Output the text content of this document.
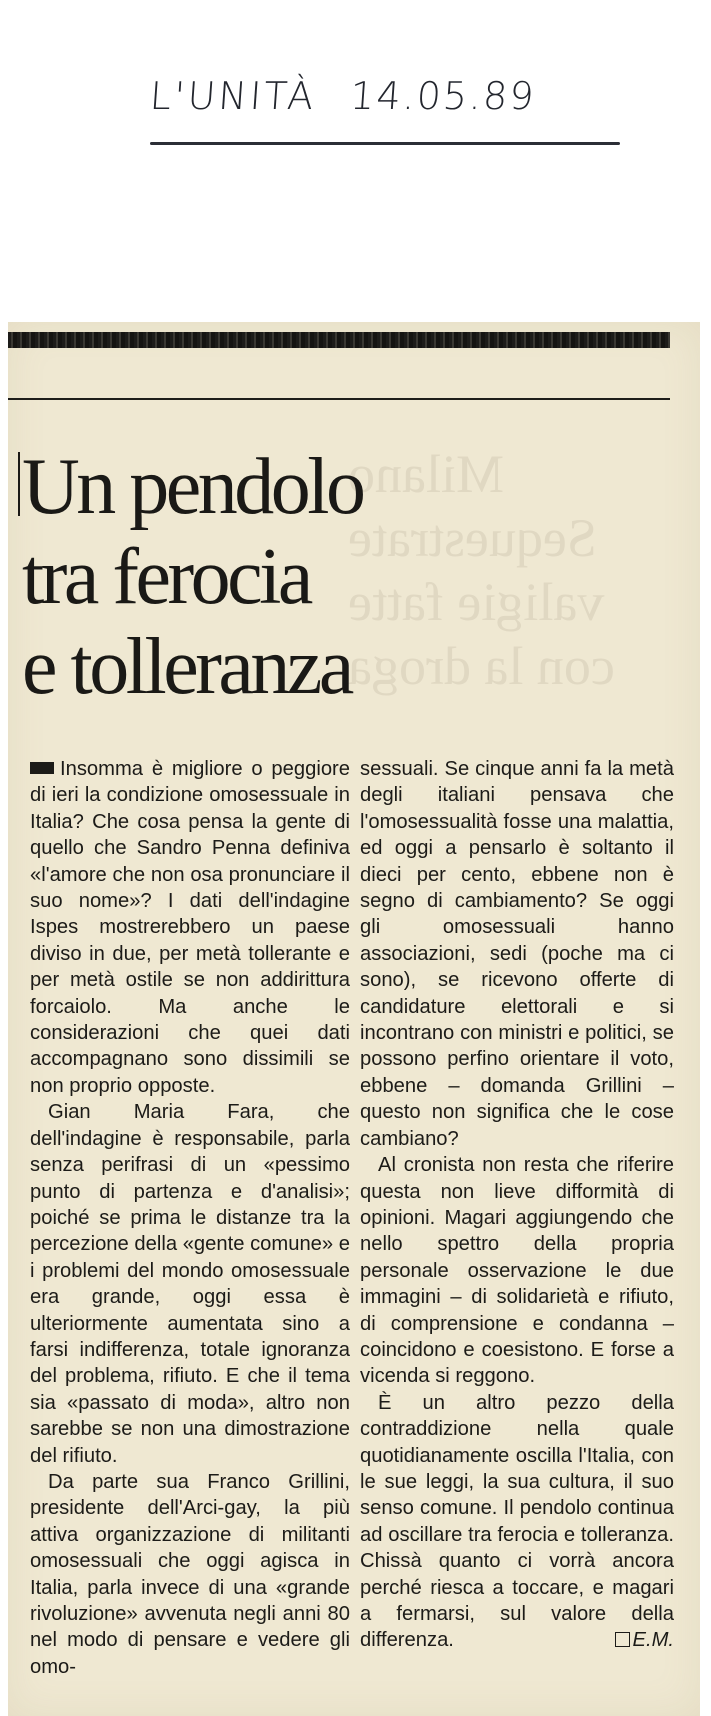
L'UNITÀ 14.05.89
Milano
Sequestrate
valigie fatte
con la droga
Un pendolo
tra ferocia
e tolleranza

Insomma è migliore o peggiore di ieri la condizione omosessuale in Italia? Che cosa pensa la gente di quello che Sandro Penna definiva «l'amore che non osa pronunciare il suo nome»? I dati dell'indagine Ispes mostrerebbero un paese diviso in due, per metà tollerante e per metà ostile se non addirittura forcaiolo. Ma anche le considerazioni che quei dati accompagnano sono dissimili se non proprio opposte.

Gian Maria Fara, che dell'indagine è responsabile, parla senza perifrasi di un «pessimo punto di partenza e d'analisi»; poiché se prima le distanze tra la percezione della «gente comune» e i problemi del mondo omosessuale era grande, oggi essa è ulteriormente aumentata sino a farsi indifferenza, totale ignoranza del problema, rifiuto. E che il tema sia «passato di moda», altro non sarebbe se non una dimostrazione del rifiuto.

Da parte sua Franco Grillini, presidente dell'Arci-gay, la più attiva organizzazione di militanti omosessuali che oggi agisca in Italia, parla invece di una «grande rivoluzione» avvenuta negli anni 80 nel modo di pensare e vedere gli omo-

sessuali. Se cinque anni fa la metà degli italiani pensava che l'omosessualità fosse una malattia, ed oggi a pensarlo è soltanto il dieci per cento, ebbene non è segno di cambiamento? Se oggi gli omosessuali hanno associazioni, sedi (poche ma ci sono), se ricevono offerte di candidature elettorali e si incontrano con ministri e politici, se possono perfino orientare il voto, ebbene – domanda Grillini – questo non significa che le cose cambiano?

Al cronista non resta che riferire questa non lieve difformità di opinioni. Magari aggiungendo che nello spettro della propria personale osservazione le due immagini – di solidarietà e rifiuto, di comprensione e condanna – coincidono e coesistono. E forse a vicenda si reggono.

È un altro pezzo della contraddizione nella quale quotidianamente oscilla l'Italia, con le sue leggi, la sua cultura, il suo senso comune. Il pendolo continua ad oscillare tra ferocia e tolleranza. Chissà quanto ci vorrà ancora perché riesca a toccare, e magari a fermarsi, sul valore della differenza.	E.M.
